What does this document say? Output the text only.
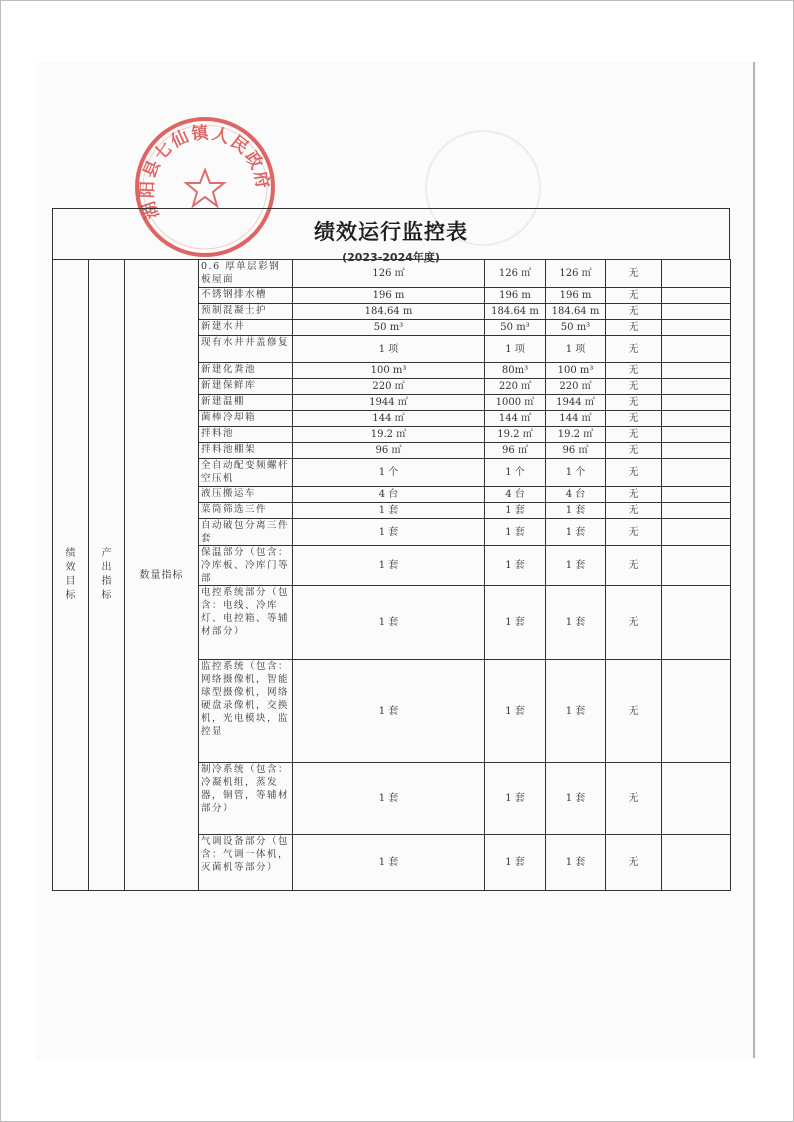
湖阳县七仙镇人民政府
绩效运行监控表
(2023-2024年度)
绩效目标	产出指标	数量指标	0.6 厚单层彩钢板屋面	126 ㎡	126 ㎡	126 ㎡	无	
			不锈钢排水槽	196 m	196 m	196 m	无	
			预制混凝土护	184.64 m	184.64 m	184.64 m	无	
			新建水井	50 m³	50 m³	50 m³	无	
			现有水井井盖修复	1 项	1 项	1 项	无	
			新建化粪池	100 m³	80m³	100 m³	无	
			新建保鲜库	220 ㎡	220 ㎡	220 ㎡	无	
			新建温棚	1944 ㎡	1000 ㎡	1944 ㎡	无	
			菌棒冷却箱	144 ㎡	144 ㎡	144 ㎡	无	
			拌料池	19.2 ㎡	19.2 ㎡	19.2 ㎡	无	
			拌料池棚架	96 ㎡	96 ㎡	96 ㎡	无	
			全自动配变频螺杆空压机	1 个	1 个	1 个	无	
			液压搬运车	4 台	4 台	4 台	无	
			菜筒筛选三件	1 套	1 套	1 套	无	
			自动破包分离三件套	1 套	1 套	1 套	无	
			保温部分（包含：冷库板、冷库门等部	1 套	1 套	1 套	无	
			电控系统部分（包含：电线、冷库灯、电控箱、等辅材部分）	1 套	1 套	1 套	无	
			监控系统（包含：网络摄像机，智能球型摄像机，网络硬盘录像机，交换机，光电模块，监控显	1 套	1 套	1 套	无	
			制冷系统（包含：冷凝机组，蒸发器，铜管，等辅材部分）	1 套	1 套	1 套	无	
			气调设备部分（包含：气调一体机，灭菌机等部分）	1 套	1 套	1 套	无	
